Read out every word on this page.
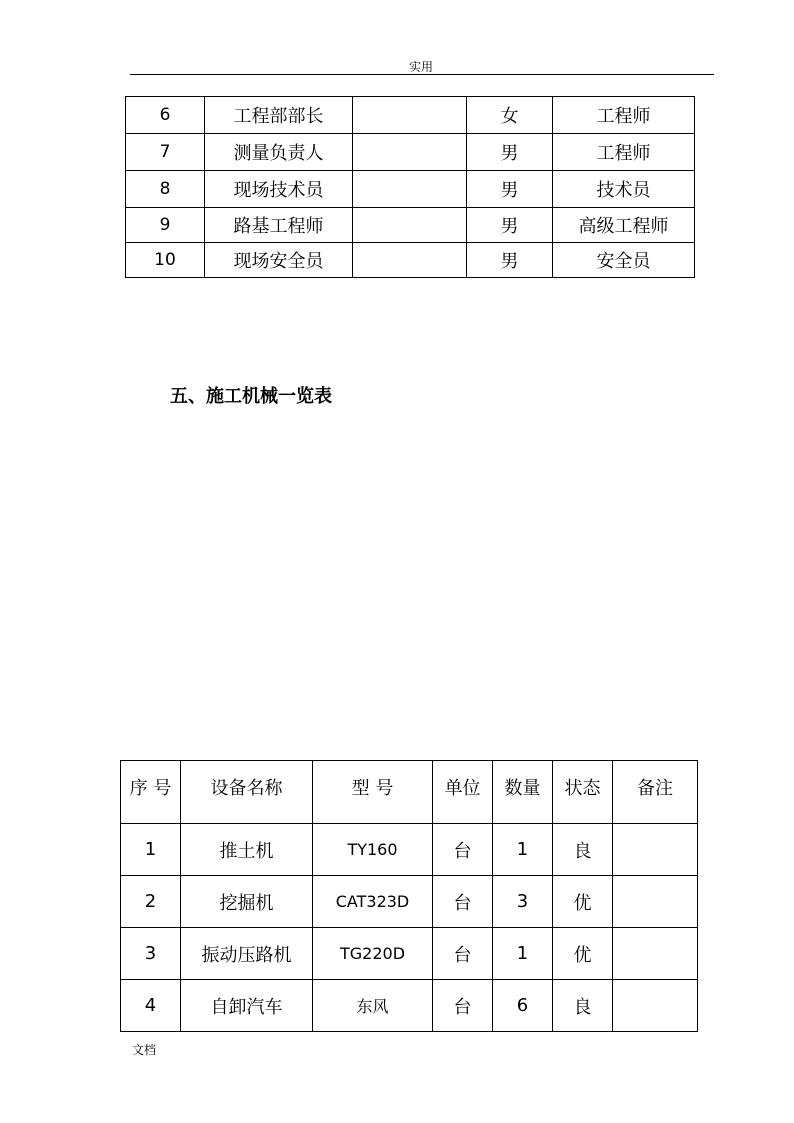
实用
6	工程部部长		女	工程师
7	测量负责人		男	工程师
8	现场技术员		男	技术员
9	路基工程师		男	高级工程师
10	现场安全员		男	安全员
五、施工机械一览表
序 号	设备名称	型 号	单位	数量	状态	备注
1	推土机	TY160	台	1	良	
2	挖掘机	CAT323D	台	3	优	
3	振动压路机	TG220D	台	1	优	
4	自卸汽车	东风	台	6	良	
文档
